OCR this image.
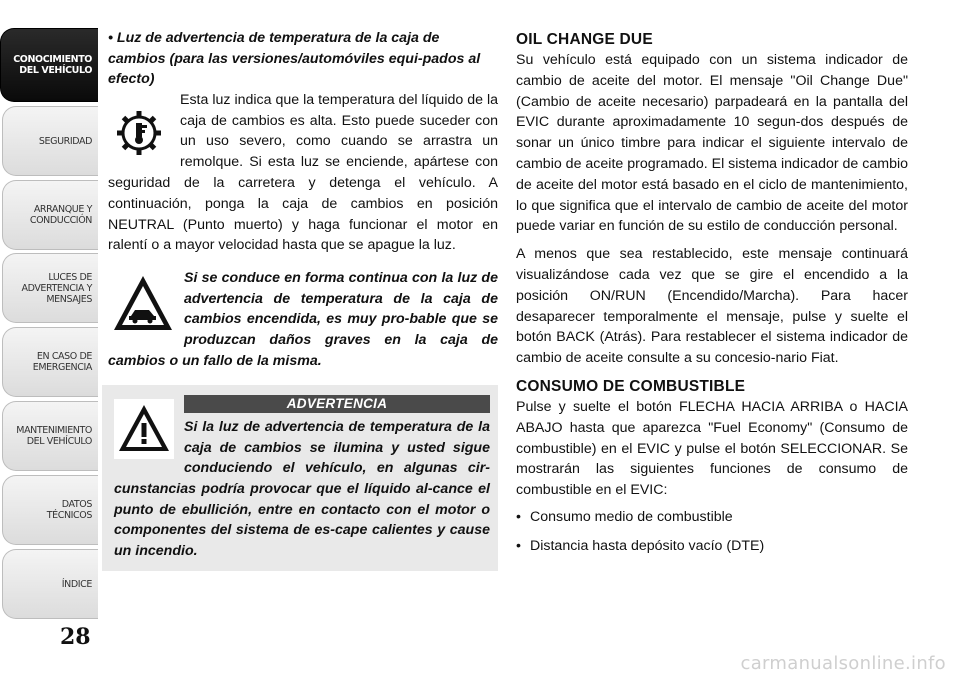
CONOCIMIENTO
DEL VEHÍCULO
SEGURIDAD
ARRANQUE Y
CONDUCCIÓN
LUCES DE
ADVERTENCIA Y
MENSAJES
EN CASO DE
EMERGENCIA
MANTENIMIENTO
DEL VEHÍCULO
DATOS
TÉCNICOS
ÍNDICE
28
• Luz de advertencia de temperatura de la caja de cambios (para las versiones/automóviles equi-pados al efecto)

Esta luz indica que la temperatura del líquido de la caja de cambios es alta. Esto puede suceder con un uso severo, como cuando se arrastra un remolque. Si esta luz se enciende, apártese con seguridad de la carretera y detenga el vehículo. A continuación, ponga la caja de cambios en posición NEUTRAL (Punto muerto) y haga funcionar el motor en ralentí o a mayor velocidad hasta que se apague la luz.

Si se conduce en forma continua con la luz de advertencia de temperatura de la caja de cambios encendida, es muy pro-bable que se produzcan daños graves en la caja de cambios o un fallo de la misma.

ADVERTENCIA

Si la luz de advertencia de temperatura de la caja de cambios se ilumina y usted sigue conduciendo el vehículo, en algunas cir-cunstancias podría provocar que el líquido al-cance el punto de ebullición, entre en contacto con el motor o componentes del sistema de es-cape calientes y cause un incendio.

OIL CHANGE DUE

Su vehículo está equipado con un sistema indicador de cambio de aceite del motor. El mensaje "Oil Change Due" (Cambio de aceite necesario) parpadeará en la pantalla del EVIC durante aproximadamente 10 segun-dos después de sonar un único timbre para indicar el siguiente intervalo de cambio de aceite programado. El sistema indicador de cambio de aceite del motor está basado en el ciclo de mantenimiento, lo que significa que el intervalo de cambio de aceite del motor puede variar en función de su estilo de conducción personal.

A menos que sea restablecido, este mensaje continuará visualizándose cada vez que se gire el encendido a la posición ON/RUN (Encendido/Marcha). Para hacer desaparecer temporalmente el mensaje, pulse y suelte el botón BACK (Atrás). Para restablecer el sistema indicador de cambio de aceite consulte a su concesio-nario Fiat.

CONSUMO DE COMBUSTIBLE

Pulse y suelte el botón FLECHA HACIA ARRIBA o HACIA ABAJO hasta que aparezca "Fuel Economy" (Consumo de combustible) en el EVIC y pulse el botón SELECCIONAR. Se mostrarán las siguientes funciones de consumo de combustible en el EVIC:

• Consumo medio de combustible
• Distancia hasta depósito vacío (DTE)
carmanualsonline.info
